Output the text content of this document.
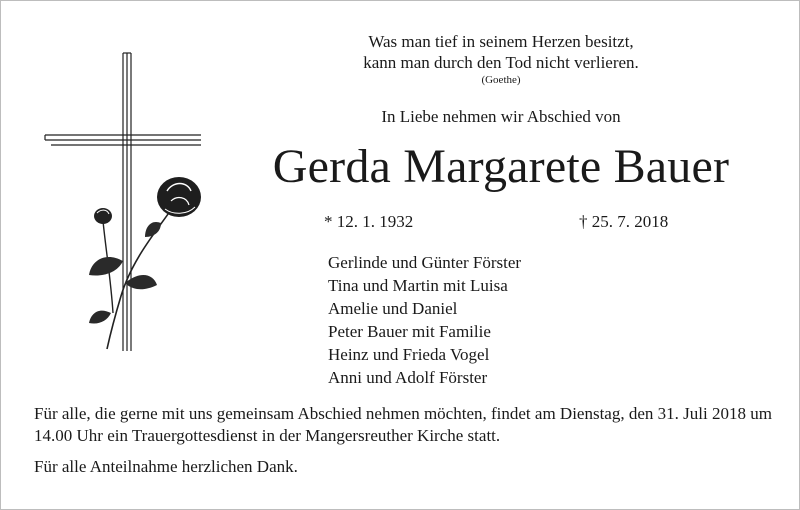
Was man tief in seinem Herzen besitzt,
kann man durch den Tod nicht verlieren.
(Goethe)
In Liebe nehmen wir Abschied von
Gerda Margarete Bauer
* 12. 1. 1932	† 25. 7. 2018
Gerlinde und Günter Förster
Tina und Martin mit Luisa
Amelie und Daniel
Peter Bauer mit Familie
Heinz und Frieda Vogel
Anni und Adolf Förster
Für alle, die gerne mit uns gemeinsam Abschied nehmen möchten, findet am Dienstag, den 31. Juli 2018 um 14.00 Uhr ein Trauergottesdienst in der Mangersreuther Kirche statt.
Für alle Anteilnahme herzlichen Dank.
